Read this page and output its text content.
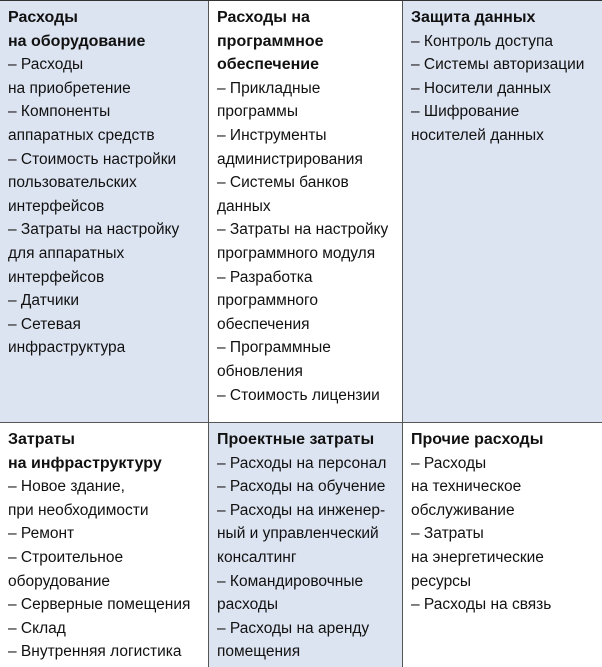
Расходы
на оборудование
– Расходы
на приобретение
– Компоненты
аппаратных средств
– Стоимость настройки
пользовательских
интерфейсов
– Затраты на настройку
для аппаратных
интерфейсов
– Датчики
– Сетевая
инфраструктура
Расходы на
программное
обеспечение
– Прикладные
программы
– Инструменты
администрирования
– Системы банков
данных
– Затраты на настройку
программного модуля
– Разработка
программного
обеспечения
– Программные
обновления
– Стоимость лицензии
Защита данных
– Контроль доступа
– Системы авторизации
– Носители данных
– Шифрование
носителей данных
Затраты
на инфраструктуру
– Новое здание,
при необходимости
– Ремонт
– Строительное
оборудование
– Серверные помещения
– Склад
– Внутренняя логистика
Проектные затраты
– Расходы на персонал
– Расходы на обучение
– Расходы на инженер-
ный и управленческий
консалтинг
– Командировочные
расходы
– Расходы на аренду
помещения
Прочие расходы
– Расходы
на техническое
обслуживание
– Затраты
на энергетические
ресурсы
– Расходы на связь
